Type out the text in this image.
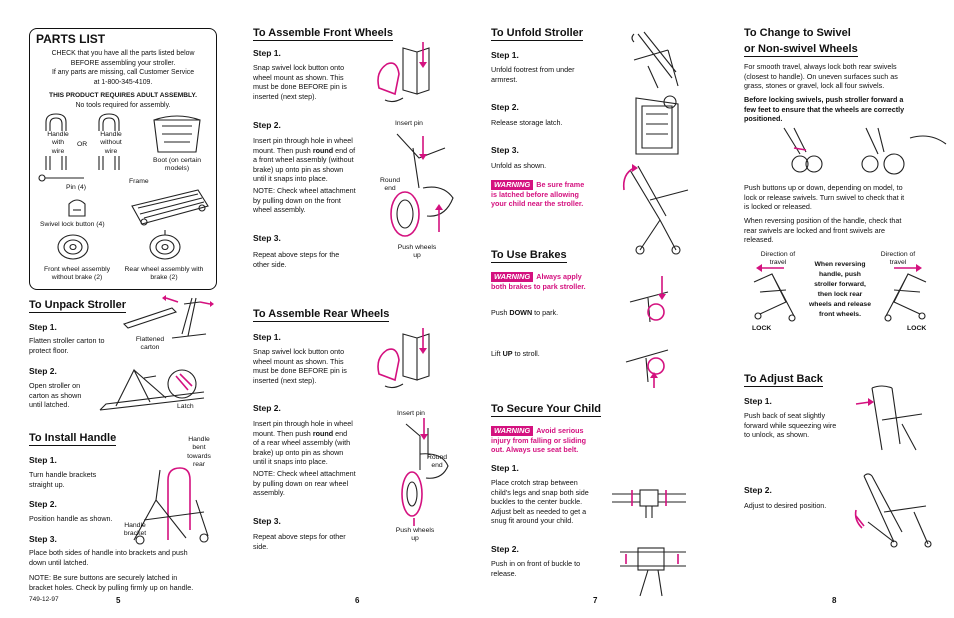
PARTS LIST
CHECK that you have all the parts listed below
BEFORE assembling your stroller.
If any parts are missing, call Customer Service
at 1-800-345-4109.
THIS PRODUCT REQUIRES ADULT ASSEMBLY.
No tools required for assembly.
Handle with wire
OR
Handle without wire
Boot (on certain models)
Pin (4)
Frame
Swivel lock button (4)
Front wheel assembly without brake (2)
Rear wheel assembly with brake (2)
To Unpack Stroller
Step 1.
Flatten stroller carton to
protect floor.
Flattened carton
Step 2.
Open stroller on
carton as shown
until latched.	Latch
To Install Handle	Handle bent towards rear
Step 1.
Turn handle brackets
straight up.
Step 2.
Position handle as shown.
Handle bracket
Step 3.
Place both sides of handle into brackets and push
down until latched.
NOTE: Be sure buttons are securely latched in
bracket holes. Check by pulling firmly up on handle.
749-12-97	5
To Assemble Front Wheels
Step 1.
Snap swivel lock button onto
wheel mount as shown. This
must be done BEFORE pin is
inserted (next step).
Step 2.
Insert pin through hole in wheel
mount. Then push round end of
a front wheel assembly (without
brake) up onto pin as shown
until it snaps into place.
NOTE: Check wheel attachment
by pulling down on the front
wheel assembly.
Insert pin
Round end
Push wheels up
Step 3.
Repeat above steps for the
other side.
To Assemble Rear Wheels
Step 1.
Snap swivel lock button onto
wheel mount as shown. This
must be done BEFORE pin is
inserted (next step).
Step 2.
Insert pin through hole in wheel
mount. Then push round end
of a rear wheel assembly (with
brake) up onto pin as shown
until it snaps into place.
NOTE: Check wheel attachment
by pulling down on rear wheel
assembly.
Insert pin
Round end
Push wheels up
Step 3.
Repeat above steps for other
side.
6
To Unfold Stroller
Step 1.
Unfold footrest from under
armrest.
Step 2.
Release storage latch.
Step 3.
Unfold as shown.
WARNING Be sure frame
is latched before allowing
your child near the stroller.
To Use Brakes
WARNING Always apply
both brakes to park stroller.
Push DOWN to park.
Lift UP to stroll.
To Secure Your Child
WARNING Avoid serious
injury from falling or sliding
out. Always use seat belt.
Step 1.
Place crotch strap between
child’s legs and snap both side
buckles to the center buckle.
Adjust belt as needed to get a
snug fit around your child.
Step 2.
Push in on front of buckle to
release.
7
To Change to Swivel
or Non-swivel Wheels
For smooth travel, always lock both rear swivels
(closest to handle). On uneven surfaces such as
grass, stones or gravel, lock all four swivels.
Before locking swivels, push stroller forward a
few feet to ensure that the wheels are correctly
positioned.
Push buttons up or down, depending on model, to
lock or release swivels. Turn swivel to check that it
is locked or released.
When reversing position of the handle, check that
rear swivels are locked and front swivels are
released.
Direction of travel
Direction of travel
When reversing
handle, push
stroller forward,
then lock rear
wheels and release
front wheels.
LOCK	LOCK
To Adjust Back
Step 1.
Push back of seat slightly
forward while squeezing wire
to unlock, as shown.
Step 2.
Adjust to desired position.
8
